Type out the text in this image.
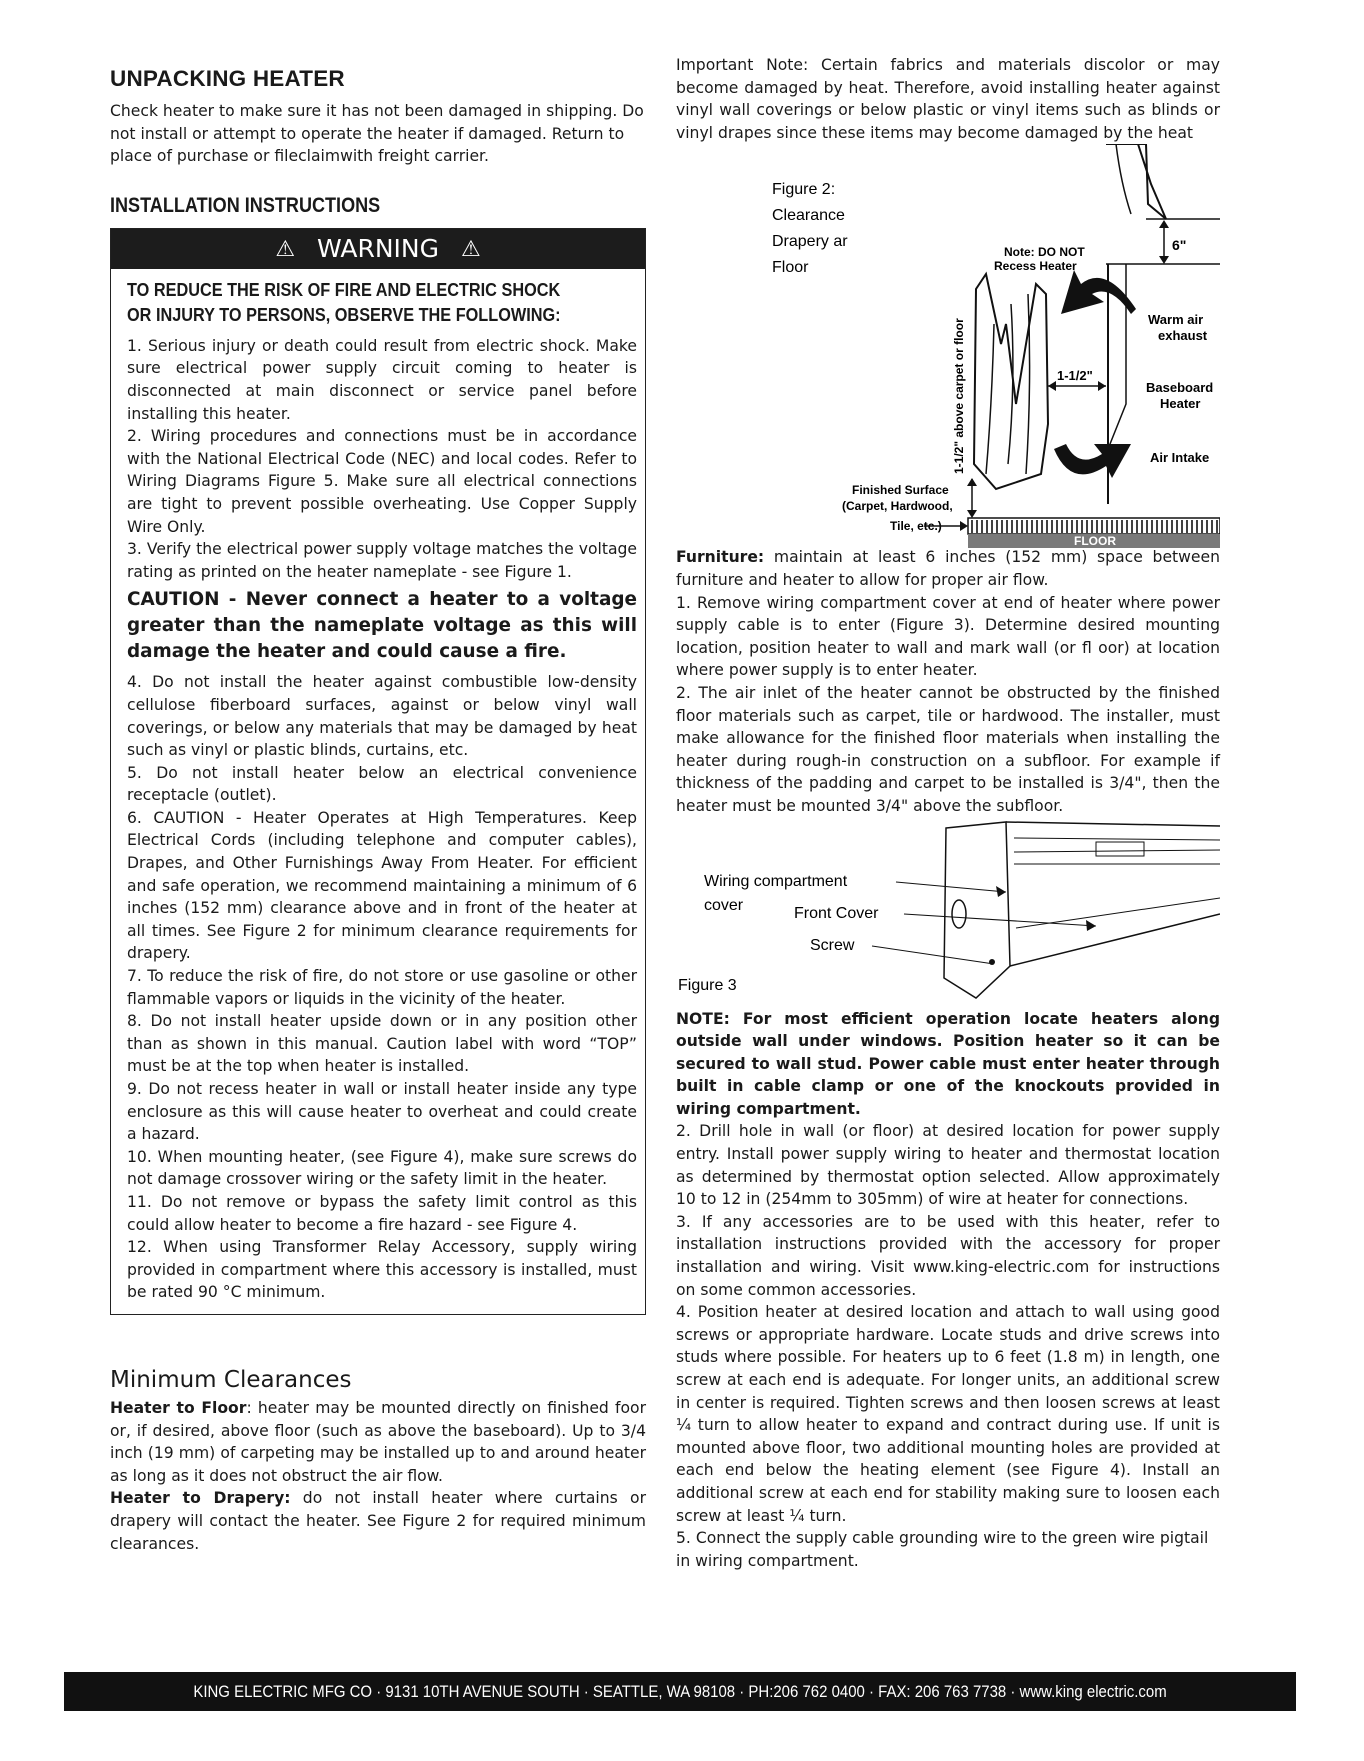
UNPACKING HEATER

Check heater to make sure it has not been damaged in shipping. Do not install or attempt to operate the heater if damaged. Return to place of purchase or fileclaimwith freight carrier.

INSTALLATION INSTRUCTIONS
⚠ WARNING ⚠
TO REDUCE THE RISK OF FIRE AND ELECTRIC SHOCK
OR INJURY TO PERSONS, OBSERVE THE FOLLOWING:

1. Serious injury or death could result from electric shock. Make sure electrical power supply circuit coming to heater is disconnected at main disconnect or service panel before installing this heater.

2. Wiring procedures and connections must be in accordance with the National Electrical Code (NEC) and local codes. Refer to Wiring Diagrams Figure 5. Make sure all electrical connections are tight to prevent possible overheating. Use Copper Supply Wire Only.

3. Verify the electrical power supply voltage matches the voltage rating as printed on the heater nameplate - see Figure 1.

CAUTION - Never connect a heater to a voltage greater than the nameplate voltage as this will damage the heater and could cause a fire.

4. Do not install the heater against combustible low-density cellulose fiberboard surfaces, against or below vinyl wall coverings, or below any materials that may be damaged by heat such as vinyl or plastic blinds, curtains, etc.

5. Do not install heater below an electrical convenience receptacle (outlet).

6. CAUTION - Heater Operates at High Temperatures. Keep Electrical Cords (including telephone and computer cables), Drapes, and Other Furnishings Away From Heater. For efficient and safe operation, we recommend maintaining a minimum of 6 inches (152 mm) clearance above and in front of the heater at all times. See Figure 2 for minimum clearance requirements for drapery.

7. To reduce the risk of fire, do not store or use gasoline or other flammable vapors or liquids in the vicinity of the heater.

8. Do not install heater upside down or in any position other than as shown in this manual. Caution label with word “TOP” must be at the top when heater is installed.

9. Do not recess heater in wall or install heater inside any type enclosure as this will cause heater to overheat and could create a hazard.

10. When mounting heater, (see Figure 4), make sure screws do not damage crossover wiring or the safety limit in the heater.

11. Do not remove or bypass the safety limit control as this could allow heater to become a fire hazard - see Figure 4.

12. When using Transformer Relay Accessory, supply wiring provided in compartment where this accessory is installed, must be rated 90 °C minimum.

Minimum Clearances

Heater to Floor: heater may be mounted directly on finished foor or, if desired, above floor (such as above the baseboard). Up to 3/4 inch (19 mm) of carpeting may be installed up to and around heater as long as it does not obstruct the air flow.

Heater to Drapery: do not install heater where curtains or drapery will contact the heater. See Figure 2 for required minimum clearances.

Important Note: Certain fabrics and materials discolor or may become damaged by heat. Therefore, avoid installing heater against vinyl wall coverings or below plastic or vinyl items such as blinds or vinyl drapes since these items may become damaged by the heat

Figure 2:
Clearance
Drapery ar
Floor
6"
Note: DO NOT
Recess Heater
Warm air
exhaust
1-1/2" above carpet or floor	1-1/2"
Baseboard
Heater
Air Intake
Finished Surface
(Carpet, Hardwood,
Tile, etc.)
FLOOR

Furniture: maintain at least 6 inches (152 mm) space between furniture and heater to allow for proper air flow.

1. Remove wiring compartment cover at end of heater where power supply cable is to enter (Figure 3). Determine desired mounting location, position heater to wall and mark wall (or fl oor) at location where power supply is to enter heater.

2. The air inlet of the heater cannot be obstructed by the finished floor materials such as carpet, tile or hardwood. The installer, must make allowance for the finished floor materials when installing the heater during rough-in construction on a subfloor. For example if thickness of the padding and carpet to be installed is 3/4", then the heater must be mounted 3/4" above the subfloor.

Wiring compartment
cover	Front Cover
Screw
Figure 3

NOTE: For most efficient operation locate heaters along outside wall under windows. Position heater so it can be secured to wall stud. Power cable must enter heater through built in cable clamp or one of the knockouts provided in wiring compartment.

2. Drill hole in wall (or floor) at desired location for power supply entry. Install power supply wiring to heater and thermostat location as determined by thermostat option selected. Allow approximately 10 to 12 in (254mm to 305mm) of wire at heater for connections.

3. If any accessories are to be used with this heater, refer to installation instructions provided with the accessory for proper installation and wiring. Visit www.king-electric.com for instructions on some common accessories.

4. Position heater at desired location and attach to wall using good screws or appropriate hardware. Locate studs and drive screws into studs where possible. For heaters up to 6 feet (1.8 m) in length, one screw at each end is adequate. For longer units, an additional screw in center is required. Tighten screws and then loosen screws at least ¼ turn to allow heater to expand and contract during use. If unit is mounted above floor, two additional mounting holes are provided at each end below the heating element (see Figure 4). Install an additional screw at each end for stability making sure to loosen each screw at least ¼ turn.

5. Connect the supply cable grounding wire to the green wire pigtail in wiring compartment.

KING ELECTRIC MFG CO · 9131 10TH AVENUE SOUTH · SEATTLE, WA 98108 · PH:206 762 0400 · FAX: 206 763 7738 · www.king electric.com
